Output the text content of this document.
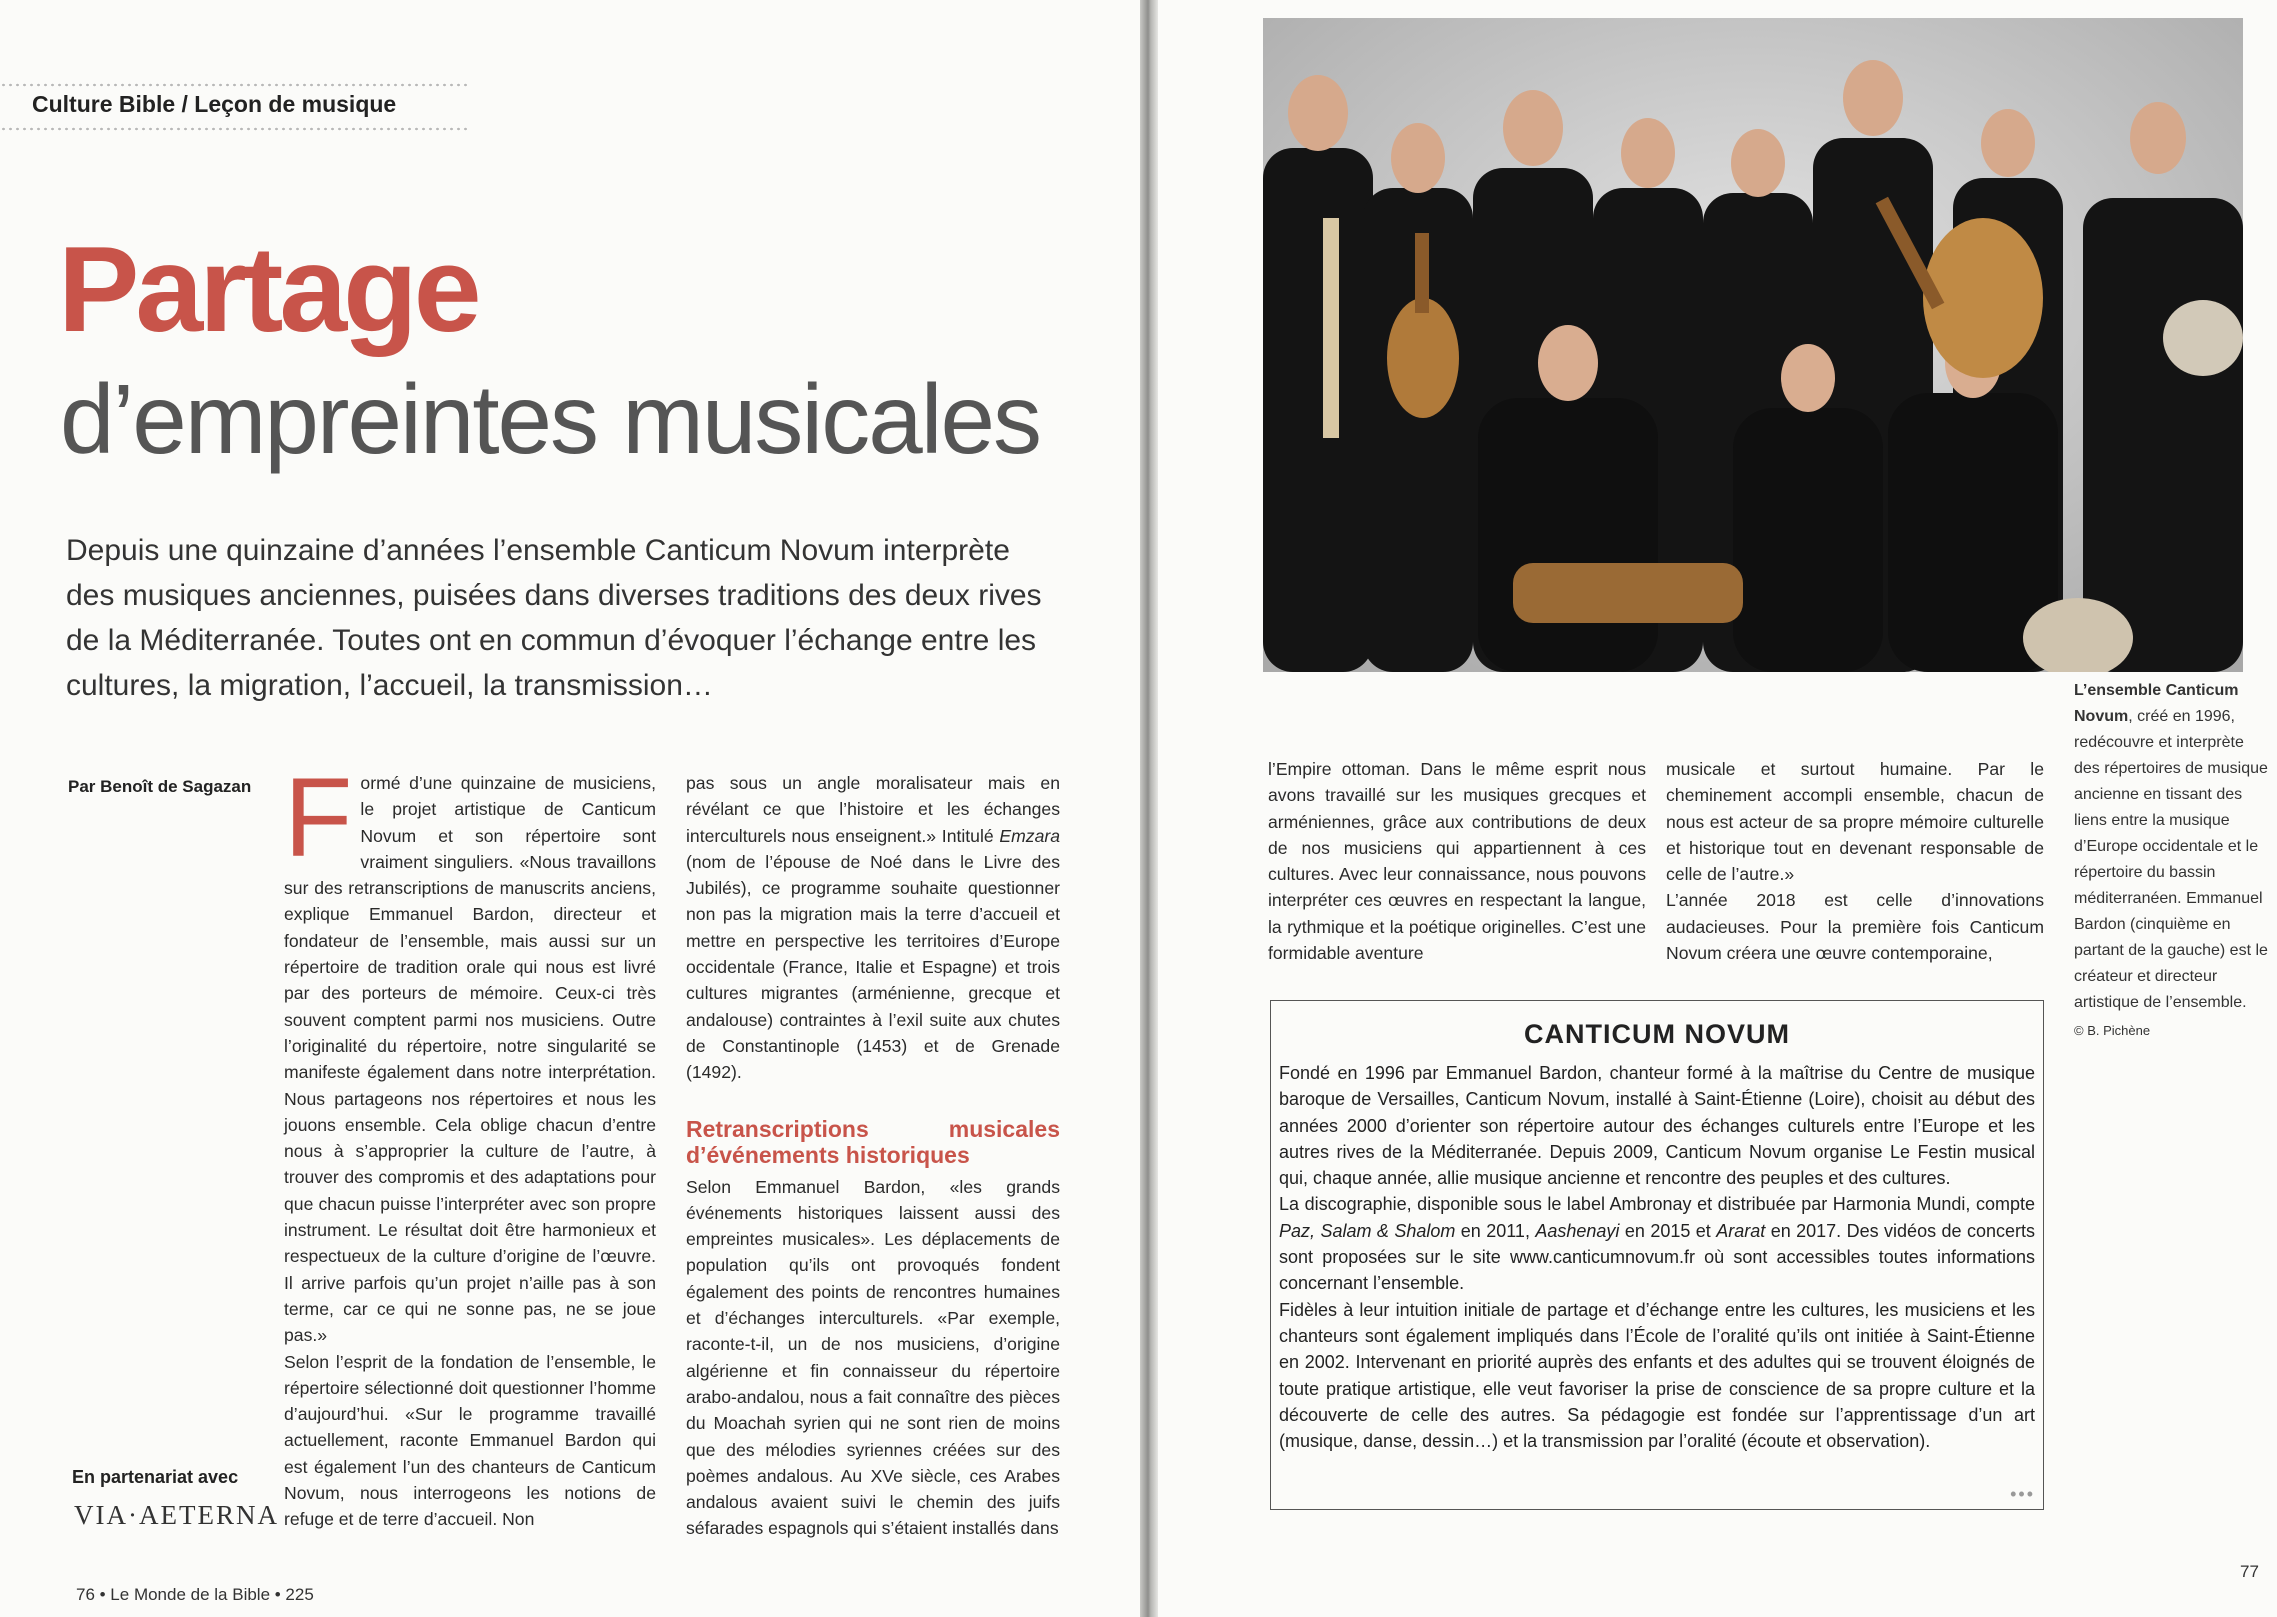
Culture Bible / Leçon de musique
Partage
d’empreintes musicales
Depuis une quinzaine d’années l’ensemble Canticum Novum interprète des musiques anciennes, puisées dans diverses traditions des deux rives de la Méditerranée. Toutes ont en commun d’évoquer l’échange entre les cultures, la migration, l’accueil, la transmission…
Par Benoît de Sagazan F ormé d’une quinzaine de musiciens, le projet artistique de Canticum Novum et son répertoire sont vraiment singuliers. «Nous travaillons sur des retranscriptions de manuscrits anciens, explique Emmanuel Bardon, directeur et fondateur de l’ensemble, mais aussi sur un répertoire de tradition orale qui nous est livré par des porteurs de mémoire. Ceux-ci très souvent comptent parmi nos musiciens. Outre l’originalité du répertoire, notre singularité se manifeste également dans notre interprétation. Nous partageons nos répertoires et nous les jouons ensemble. Cela oblige chacun d’entre nous à s’approprier la culture de l’autre, à trouver des compromis et des adaptations pour que chacun puisse l’interpréter avec son propre instrument. Le résultat doit être harmonieux et respectueux de la culture d’origine de l’œuvre. Il arrive parfois qu’un projet n’aille pas à son terme, car ce qui ne sonne pas, ne se joue pas.»

Selon l’esprit de la fondation de l’ensemble, le répertoire sélectionné doit questionner l’homme d’aujourd’hui. «Sur le programme travaillé actuellement, raconte Emmanuel Bardon qui est également l’un des chanteurs de Canticum Novum, nous interrogeons les notions de refuge et de terre d’accueil. Non

pas sous un angle moralisateur mais en révélant ce que l’histoire et les échanges interculturels nous enseignent.» Intitulé Emzara (nom de l’épouse de Noé dans le Livre des Jubilés), ce programme souhaite questionner non pas la migration mais la terre d’accueil et mettre en perspective les territoires d’Europe occidentale (France, Italie et Espagne) et trois cultures migrantes (arménienne, grecque et andalouse) contraintes à l’exil suite aux chutes de Constantinople (1453) et de Grenade (1492).

Retranscriptions musicales d’événements historiques

Selon Emmanuel Bardon, «les grands événements historiques laissent aussi des empreintes musicales». Les déplacements de population qu’ils ont provoqués fondent également des points de rencontres humaines et d’échanges interculturels. «Par exemple, raconte-t-il, un de nos musiciens, d’origine algérienne et fin connaisseur du répertoire arabo-andalou, nous a fait connaître des pièces du Moachah syrien qui ne sont rien de moins que des mélodies syriennes créées sur des poèmes andalous. Au XVe siècle, ces Arabes andalous avaient suivi le chemin des juifs séfarades espagnols qui s’étaient installés dans

En partenariat avec
VIA·AETERNA
76 • Le Monde de la Bible • 225
L’ensemble Canticum Novum, créé en 1996, redécouvre et interprète des répertoires de musique ancienne en tissant des liens entre la musique d’Europe occidentale et le répertoire du bassin méditerranéen. Emmanuel Bardon (cinquième en partant de la gauche) est le créateur et directeur artistique de l’ensemble.
© B. Pichène

l’Empire ottoman. Dans le même esprit nous avons travaillé sur les musiques grecques et arméniennes, grâce aux contributions de deux de nos musiciens qui appartiennent à ces cultures. Avec leur connaissance, nous pouvons interpréter ces œuvres en respectant la langue, la rythmique et la poétique originelles. C’est une formidable aventure

musicale et surtout humaine. Par le cheminement accompli ensemble, chacun de nous est acteur de sa propre mémoire culturelle et historique tout en devenant responsable de celle de l’autre.»

L’année 2018 est celle d’innovations audacieuses. Pour la première fois Canticum Novum créera une œuvre contemporaine,

CANTICUM NOVUM

Fondé en 1996 par Emmanuel Bardon, chanteur formé à la maîtrise du Centre de musique baroque de Versailles, Canticum Novum, installé à Saint-Étienne (Loire), choisit au début des années 2000 d’orienter son répertoire autour des échanges culturels entre l’Europe et les autres rives de la Méditerranée. Depuis 2009, Canticum Novum organise Le Festin musical qui, chaque année, allie musique ancienne et rencontre des peuples et des cultures.

La discographie, disponible sous le label Ambronay et distribuée par Harmonia Mundi, compte Paz, Salam & Shalom en 2011, Aashenayi en 2015 et Ararat en 2017. Des vidéos de concerts sont proposées sur le site www.canticumnovum.fr où sont accessibles toutes informations concernant l’ensemble.

Fidèles à leur intuition initiale de partage et d’échange entre les cultures, les musiciens et les chanteurs sont également impliqués dans l’École de l’oralité qu’ils ont initiée à Saint-Étienne en 2002. Intervenant en priorité auprès des enfants et des adultes qui se trouvent éloignés de toute pratique artistique, elle veut favoriser la prise de conscience de sa propre culture et la découverte de celle des autres. Sa pédagogie est fondée sur l’apprentissage d’un art (musique, danse, dessin…) et la transmission par l’oralité (écoute et observation).

•••
77
